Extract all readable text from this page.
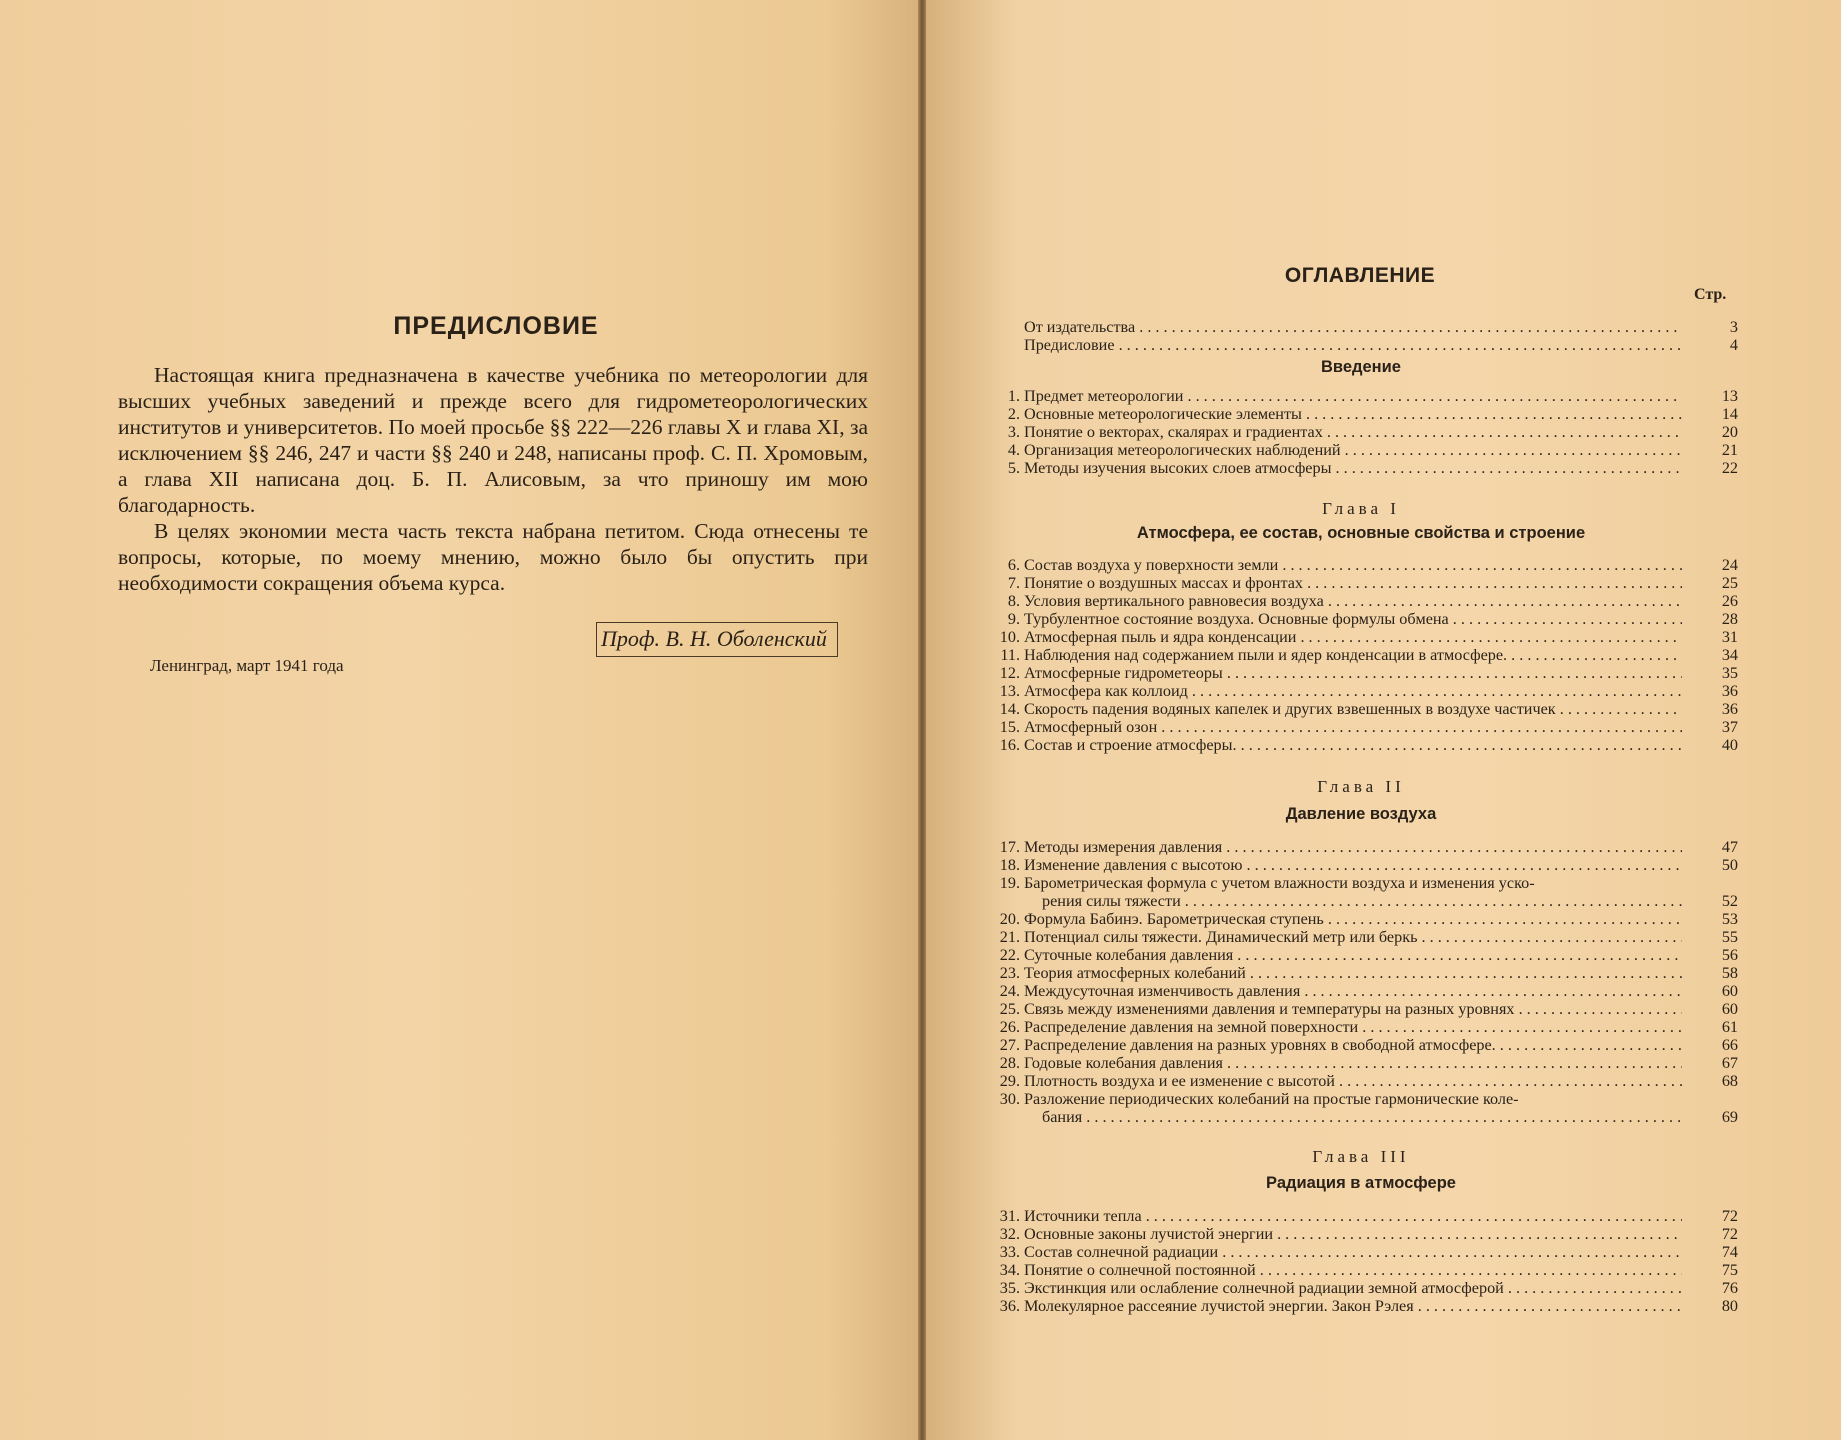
ПРЕДИСЛОВИЕ

Настоящая книга предназначена в качестве учебника по метеорологии для высших учебных заведений и прежде всего для гидрометеорологических институтов и университетов. По моей просьбе §§ 222—226 главы X и глава XI, за исключением §§ 246, 247 и части §§ 240 и 248, написаны проф. С. П. Хромовым, а глава XII написана доц. Б. П. Алисовым, за что приношу им мою благодарность.

В целях экономии места часть текста набрана петитом. Сюда отнесены те вопросы, которые, по моему мнению, можно было бы опустить при необходимости сокращения объема курса.

Проф. В. Н. Оболенский
Ленинград, март 1941 года
ОГЛАВЛЕНИЕ
Стр.
От издательства . . .	3
Предисловие . . .	4
Введение
1. Предмет метеорологии . . .	13
2. Основные метеорологические элементы . . .	14
3. Понятие о векторах, скалярах и градиентах . . .	20
4. Организация метеорологических наблюдений . . .	21
5. Методы изучения высоких слоев атмосферы . . .	22
Глава I
Атмосфера, ее состав, основные свойства и строение
6. Состав воздуха у поверхности земли . . .	24
7. Понятие о воздушных массах и фронтах . . .	25
8. Условия вертикального равновесия воздуха . . .	26
9. Турбулентное состояние воздуха. Основные формулы обмена . . .	28
10. Атмосферная пыль и ядра конденсации . . .	31
11. Наблюдения над содержанием пыли и ядер конденсации в атмосфере. . . .	34
12. Атмосферные гидрометеоры . . .	35
13. Атмосфера как коллоид . . .	36
14. Скорость падения водяных капелек и других взвешенных в воздухе частичек . . .	36
15. Атмосферный озон . . .	37
16. Состав и строение атмосферы. . . .	40
Глава II
Давление воздуха
17. Методы измерения давления . . .	47
18. Изменение давления с высотою . . .	50
19. Барометрическая формула с учетом влажности воздуха и изменения уско-
рения силы тяжести . . .	52
20. Формула Бабинэ. Барометрическая ступень . . .	53
21. Потенциал силы тяжести. Динамический метр или беркь . . .	55
22. Суточные колебания давления . . .	56
23. Теория атмосферных колебаний . . .	58
24. Междусуточная изменчивость давления . . .	60
25. Связь между изменениями давления и температуры на разных уровнях . . .	60
26. Распределение давления на земной поверхности . . .	61
27. Распределение давления на разных уровнях в свободной атмосфере. . . .	66
28. Годовые колебания давления . . .	67
29. Плотность воздуха и ее изменение с высотой . . .	68
30. Разложение периодических колебаний на простые гармонические коле-
бания . . .	69
Глава III
Радиация в атмосфере
31. Источники тепла . . .	72
32. Основные законы лучистой энергии . . .	72
33. Состав солнечной радиации . . .	74
34. Понятие о солнечной постоянной . . .	75
35. Экстинкция или ослабление солнечной радиации земной атмосферой . . .	76
36. Молекулярное рассеяние лучистой энергии. Закон Рэлея . . .	80
